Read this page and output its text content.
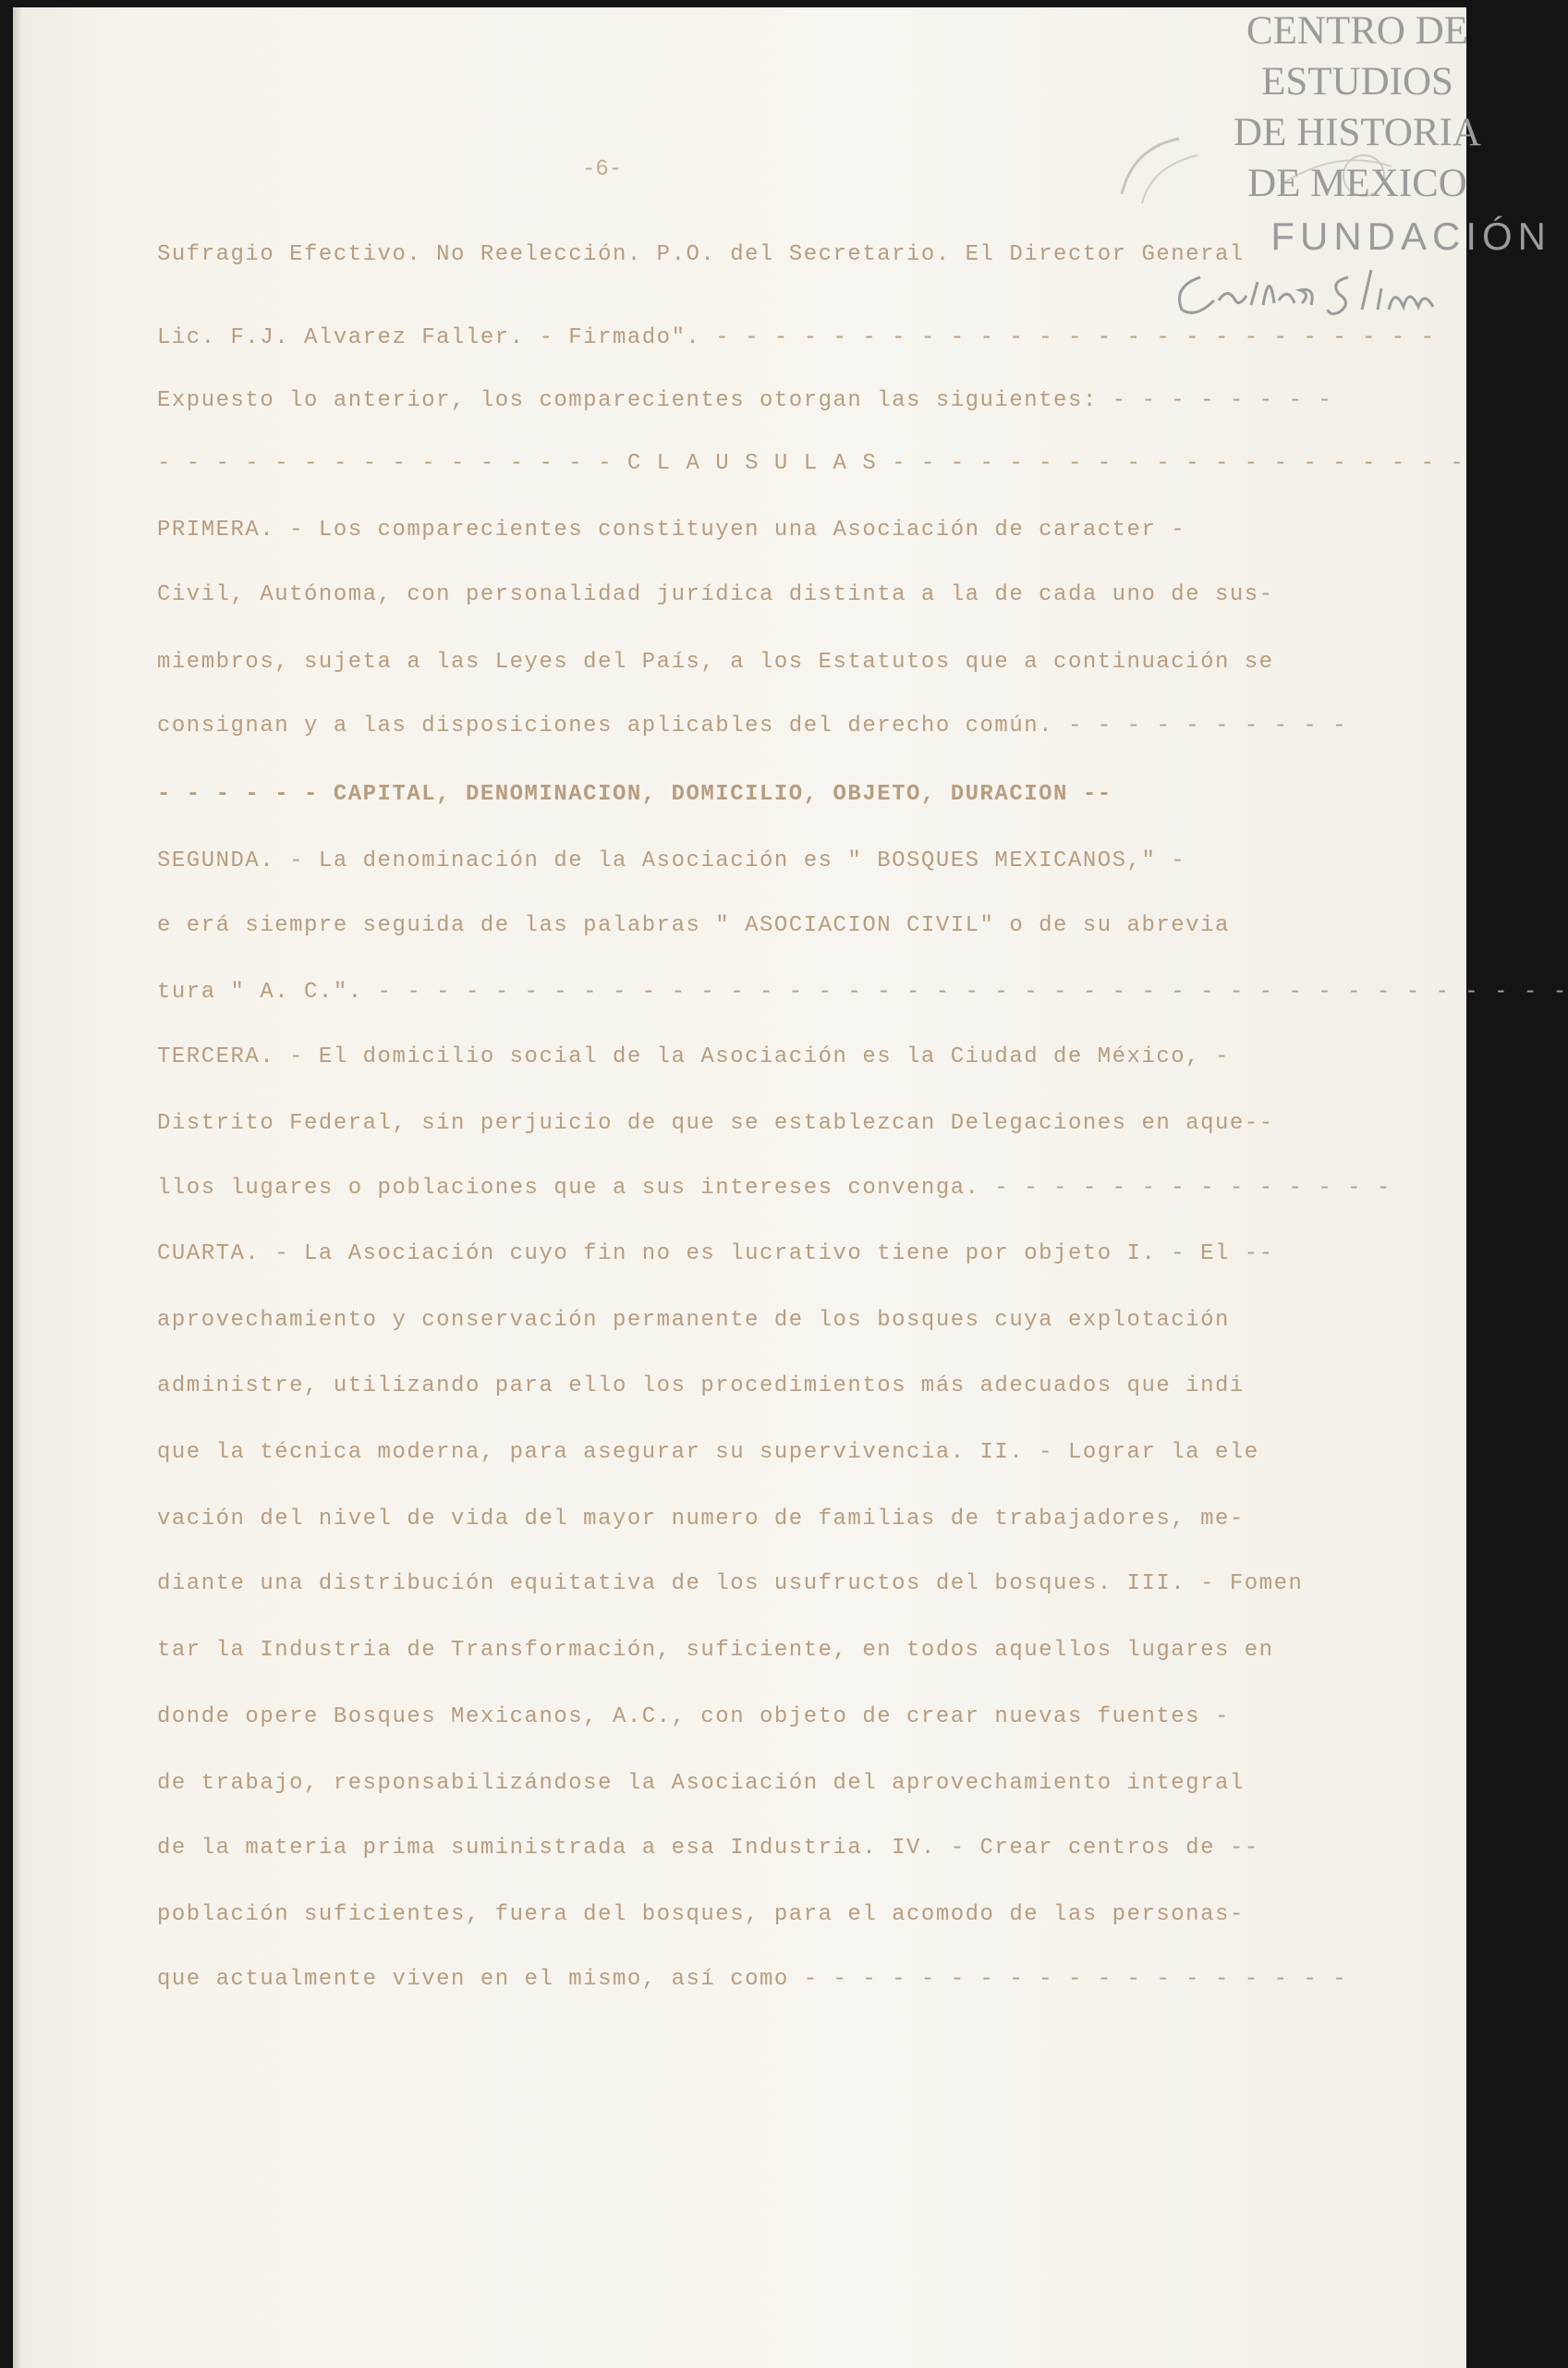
-6-
Sufragio Efectivo. No Reelección. P.O. del Secretario. El Director General
Lic. F.J. Alvarez Faller. - Firmado". - - - - - - - - - - - - - - - - - - - - - - - - -
Expuesto lo anterior, los comparecientes otorgan las siguientes: - - - - - - - -
- - - - - - - - - - - - - - - - C L A U S U L A S - - - - - - - - - - - - - - - - - - - -
PRIMERA. - Los comparecientes constituyen una Asociación de caracter -
Civil, Autónoma, con personalidad jurídica distinta a la de cada uno de sus-
miembros, sujeta a las Leyes del País, a los Estatutos que a continuación se
consignan y a las disposiciones aplicables del derecho común. - - - - - - - - - -
- - - - - - CAPITAL, DENOMINACION, DOMICILIO, OBJETO, DURACION --
SEGUNDA. - La denominación de la Asociación es " BOSQUES MEXICANOS," -
e erá siempre seguida de las palabras " ASOCIACION CIVIL" o de su abrevia
tura " A. C.". - - - - - - - - - - - - - - - - - - - - - - - - - - - - - - - - - - - - - - - - -
TERCERA. - El domicilio social de la Asociación es la Ciudad de México, -
Distrito Federal, sin perjuicio de que se establezcan Delegaciones en aque--
llos lugares o poblaciones que a sus intereses convenga. - - - - - - - - - - - - - -
CUARTA. - La Asociación cuyo fin no es lucrativo tiene por objeto I. - El --
aprovechamiento y conservación permanente de los bosques cuya explotación
administre, utilizando para ello los procedimientos más adecuados que indi
que la técnica moderna, para asegurar su supervivencia. II. - Lograr la ele
vación del nivel de vida del mayor numero de familias de trabajadores, me-
diante una distribución equitativa de los usufructos del bosques. III. - Fomen
tar la Industria de Transformación, suficiente, en todos aquellos lugares en
donde opere Bosques Mexicanos, A.C., con objeto de crear nuevas fuentes -
de trabajo, responsabilizándose la Asociación del aprovechamiento integral
de la materia prima suministrada a esa Industria. IV. - Crear centros de --
población suficientes, fuera del bosques, para el acomodo de las personas-
que actualmente viven en el mismo, así como - - - - - - - - - - - - - - - - - - -
CENTRO DE
ESTUDIOS
DE HISTORIA
DE MEXICO
FUNDACIÓN
